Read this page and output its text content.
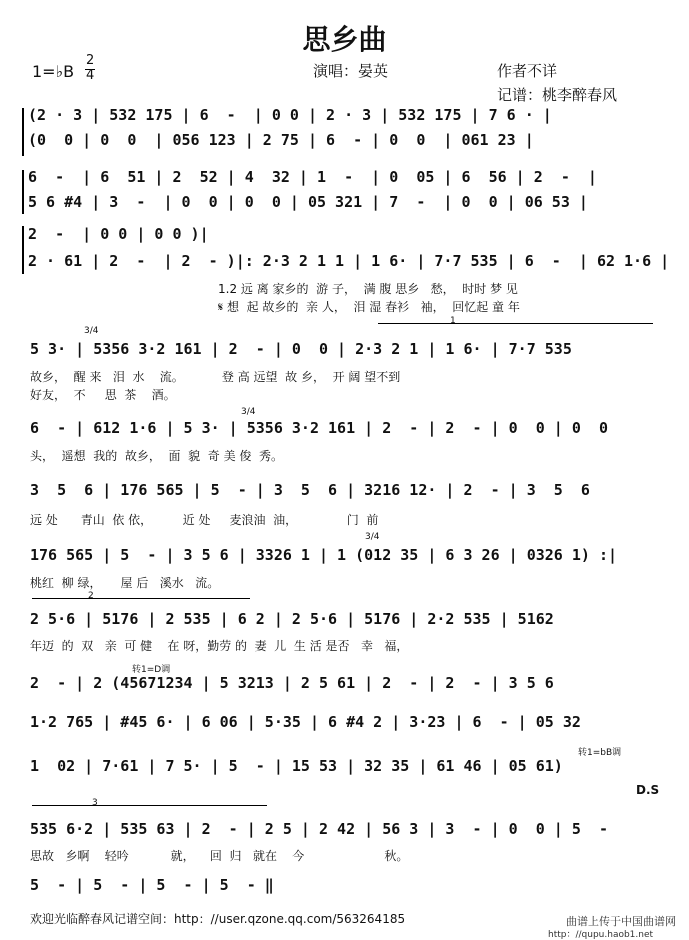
思乡曲
1=♭B
2
4	演唱：晏英	作者不详
记谱：桃李醉春风
(2 · 3 | 532 175 | 6  -  | 0 0 | 2 · 3 | 532 175 | 7 6 · |
(0  0 | 0  0  | 056 123 | 2 75 | 6  - | 0  0  | 061 23 |
6  -  | 6  51 | 2  52 | 4  32 | 1  -  | 0  05 | 6  56 | 2  -  |
5 6 #4 | 3  -  | 0  0 | 0  0 | 05 321 | 7  -  | 0  0 | 06 53 |
2  -  | 0 0 | 0 0 )|
2 · 61 | 2  -  | 2  - )|: 2·3 2 1 1 | 1 6· | 7·7 535 | 6  -  | 62 1·6 |
1.2 远 离 家乡的  游 子，  满 腹 思乡   愁，  时时 梦 见
𝄋 想  起 故乡的  亲 人，  泪 湿 春衫   袖，  回忆起 童 年
3/4
1
5 3· | 5356 3·2 161 | 2  - | 0  0 | 2·3 2 1 | 1 6· | 7·7 535
故乡，  醒 来   泪  水    流。          登 高 远望  故 乡，  开 阔 望不到
好友，  不     思  茶    酒。
3/4
6  - | 612 1·6 | 5 3· | 5356 3·2 161 | 2  - | 2  - | 0  0 | 0  0
头，  遥想  我的  故乡，  面  貌  奇 美 俊  秀。
3  5  6 | 176 565 | 5  - | 3  5  6 | 3216 12· | 2  - | 3  5  6
远 处      青山  依 依，        近 处     麦浪油  油，             门  前
3/4
176 565 | 5  - | 3 5 6 | 3326 1 | 1 (012 35 | 6 3 26 | 0326 1) :|
桃红  柳 绿，     屋 后   溪水   流。
2
2 5·6 | 5176 | 2 535 | 6 2 | 2 5·6 | 5176 | 2·2 535 | 5162
年迈  的  双   亲  可 健    在 呀，勤劳 的  妻  儿  生 活 是否   幸   福，
转1=D调
2  - | 2 (45671234 | 5 3213 | 2 5 61 | 2  - | 2  - | 3 5 6
1·2 765 | #45 6· | 6 06 | 5·35 | 6 #4 2 | 3·23 | 6  - | 05 32
转1=bB调
1  02 | 7·61 | 7 5· | 5  - | 15 53 | 32 35 | 61 46 | 05 61)
D.S
3
535 6·2 | 535 63 | 2  - | 2 5 | 2 42 | 56 3 | 3  - | 0  0 | 5  -
思故   乡啊    轻吟           就，    回  归   就在    今                     秋。
5  - | 5  - | 5  - | 5  - ‖
欢迎光临醉春风记谱空间：http：//user.qzone.qq.com/563264185	曲谱上传于中国曲谱网
http：//qupu.haob1.net
